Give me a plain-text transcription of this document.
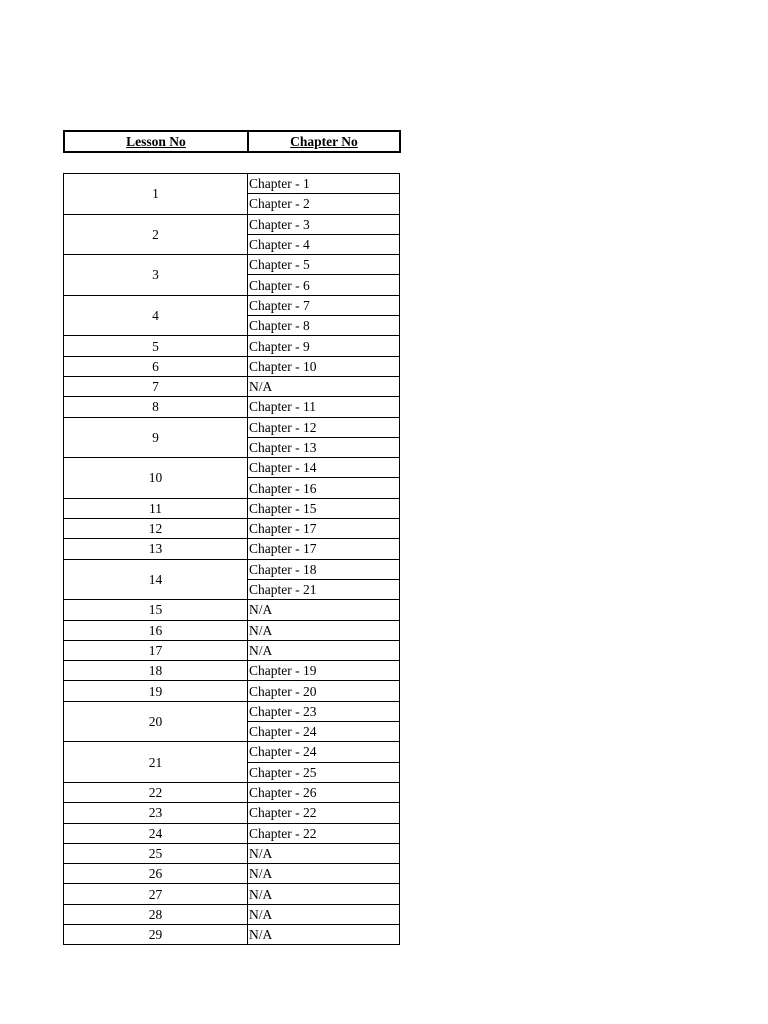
Lesson No	Chapter No
1	Chapter - 1
	Chapter - 2
2	Chapter - 3
	Chapter - 4
3	Chapter - 5
	Chapter - 6
4	Chapter - 7
	Chapter - 8
5	Chapter - 9
6	Chapter - 10
7	N/A
8	Chapter - 11
9	Chapter - 12
	Chapter - 13
10	Chapter - 14
	Chapter - 16
11	Chapter - 15
12	Chapter - 17
13	Chapter - 17
14	Chapter - 18
	Chapter - 21
15	N/A
16	N/A
17	N/A
18	Chapter - 19
19	Chapter - 20
20	Chapter - 23
	Chapter - 24
21	Chapter - 24
	Chapter - 25
22	Chapter - 26
23	Chapter - 22
24	Chapter - 22
25	N/A
26	N/A
27	N/A
28	N/A
29	N/A
